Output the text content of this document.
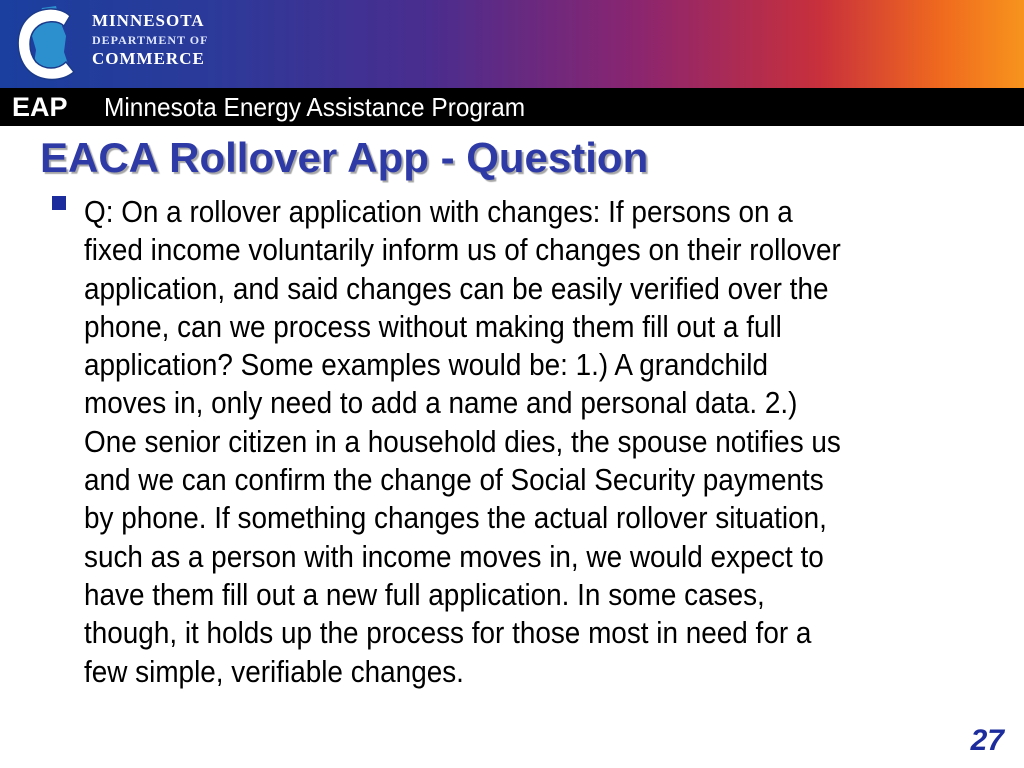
MINNESOTA
DEPARTMENT OF
COMMERCE
EAP Minnesota Energy Assistance Program
EACA Rollover App - Question

Q: On a rollover application with changes: If persons on a
fixed income voluntarily inform us of changes on their rollover
application, and said changes can be easily verified over the
phone, can we process without making them fill out a full
application? Some examples would be: 1.) A grandchild
moves in, only need to add a name and personal data. 2.)
One senior citizen in a household dies, the spouse notifies us
and we can confirm the change of Social Security payments
by phone. If something changes the actual rollover situation,
such as a person with income moves in, we would expect to
have them fill out a new full application. In some cases,
though, it holds up the process for those most in need for a
few simple, verifiable changes.

27
